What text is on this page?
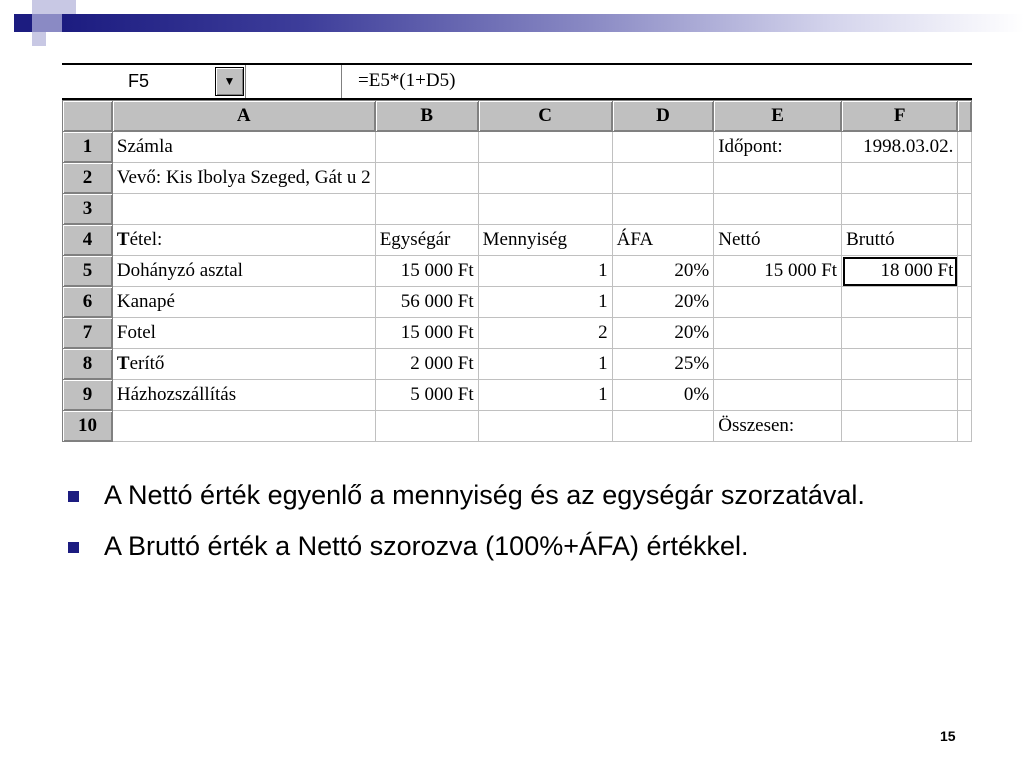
F5	▼	=E5*(1+D5)
	A	B	C	D	E	F	
1	Számla				Időpont:	1998.03.02.	
2	Vevő: Kis Ibolya Szeged, Gát u 2						
3							
4	Tétel:	Egységár	Mennyiség	ÁFA	Nettó	Bruttó	
5	Dohányzó asztal	15 000 Ft	1	20%	15 000 Ft	18 000 Ft	
6	Kanapé	56 000 Ft	1	20%			
7	Fotel	15 000 Ft	2	20%			
8	Terítő	2 000 Ft	1	25%			
9	Házhozszállítás	5 000 Ft	1	0%			
10					Összesen:		
A Nettó érték egyenlő a mennyiség és az egységár szorzatával.
A Bruttó érték a Nettó szorozva (100%+ÁFA) értékkel.
15
